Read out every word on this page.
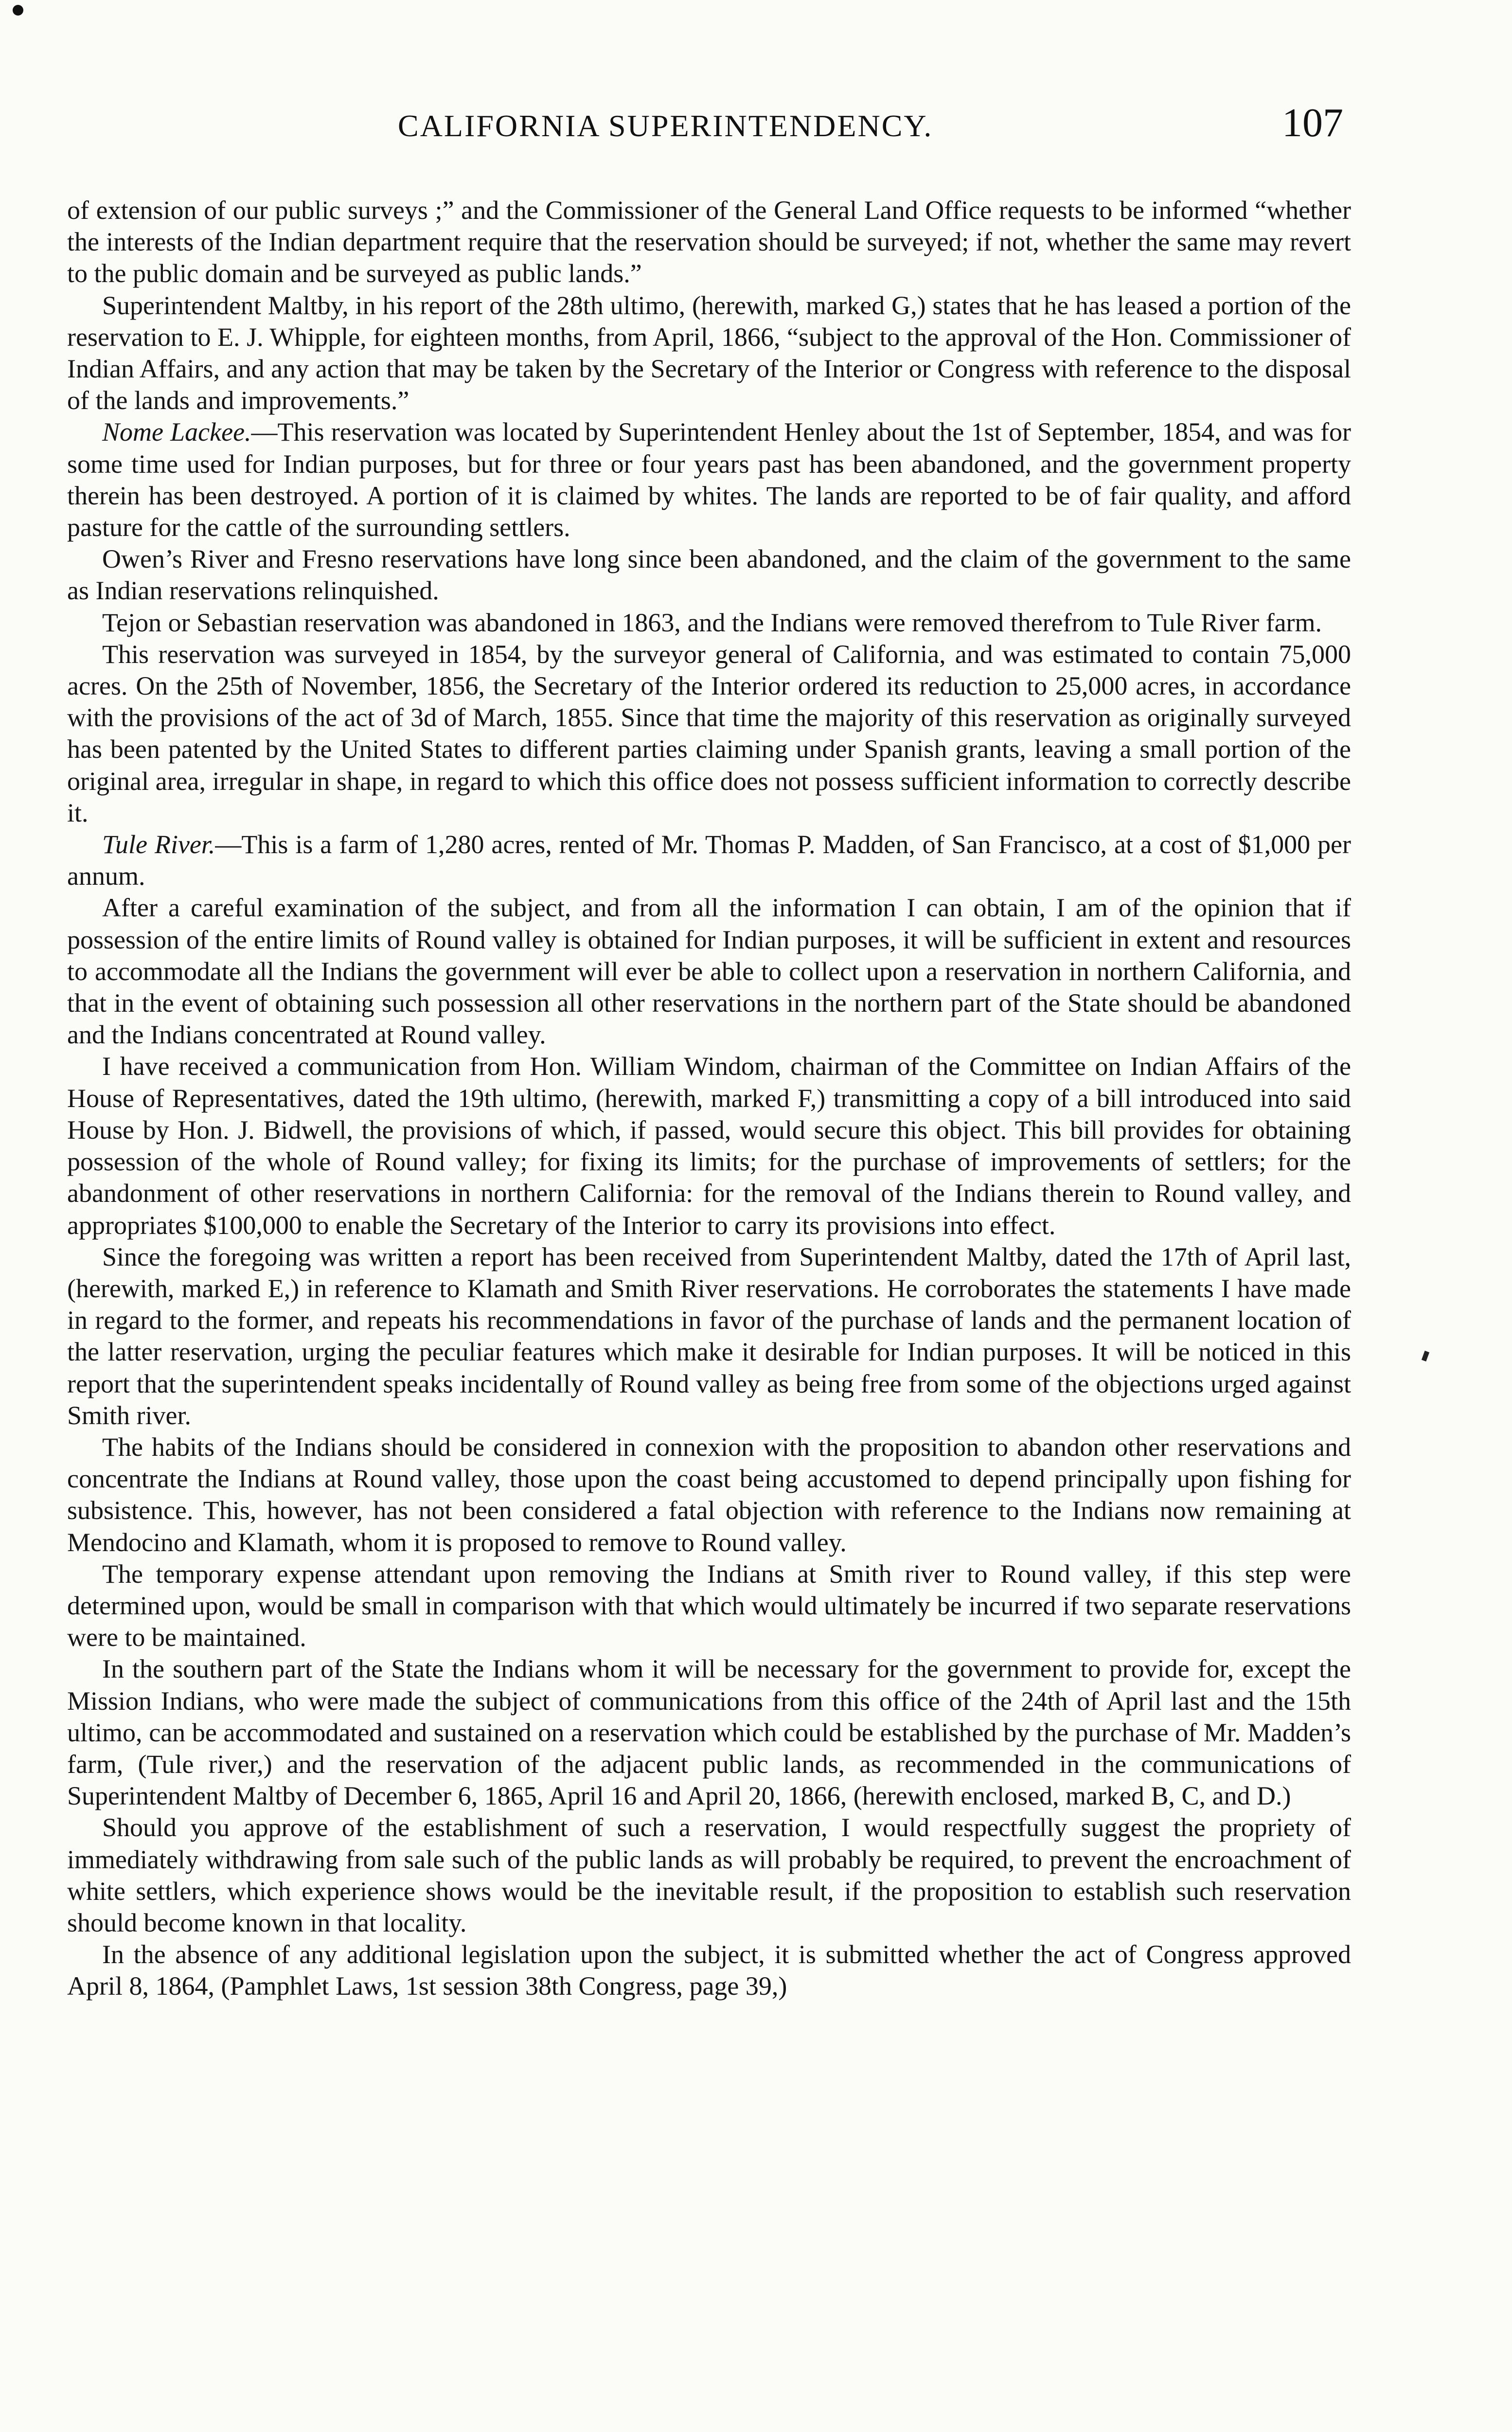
CALIFORNIA SUPERINTENDENCY.	107

of extension of our public surveys ;” and the Commissioner of the General Land Office requests to be informed “whether the interests of the Indian department require that the reservation should be surveyed; if not, whether the same may revert to the public domain and be surveyed as public lands.”

Superintendent Maltby, in his report of the 28th ultimo, (herewith, marked G,) states that he has leased a portion of the reservation to E. J. Whipple, for eighteen months, from April, 1866, “subject to the approval of the Hon. Commissioner of Indian Affairs, and any action that may be taken by the Secretary of the Interior or Congress with reference to the disposal of the lands and improvements.”

Nome Lackee.—This reservation was located by Superintendent Henley about the 1st of September, 1854, and was for some time used for Indian purposes, but for three or four years past has been abandoned, and the government property therein has been destroyed. A portion of it is claimed by whites. The lands are reported to be of fair quality, and afford pasture for the cattle of the surrounding settlers.

Owen’s River and Fresno reservations have long since been abandoned, and the claim of the government to the same as Indian reservations relinquished.

Tejon or Sebastian reservation was abandoned in 1863, and the Indians were removed therefrom to Tule River farm.

This reservation was surveyed in 1854, by the surveyor general of California, and was estimated to contain 75,000 acres. On the 25th of November, 1856, the Secretary of the Interior ordered its reduction to 25,000 acres, in accordance with the provisions of the act of 3d of March, 1855. Since that time the majority of this reservation as originally surveyed has been patented by the United States to different parties claiming under Spanish grants, leaving a small portion of the original area, irregular in shape, in regard to which this office does not possess sufficient information to correctly describe it.

Tule River.—This is a farm of 1,280 acres, rented of Mr. Thomas P. Madden, of San Francisco, at a cost of $1,000 per annum.

After a careful examination of the subject, and from all the information I can obtain, I am of the opinion that if possession of the entire limits of Round valley is obtained for Indian purposes, it will be sufficient in extent and resources to accommodate all the Indians the government will ever be able to collect upon a reservation in northern California, and that in the event of obtaining such possession all other reservations in the northern part of the State should be abandoned and the Indians concentrated at Round valley.

I have received a communication from Hon. William Windom, chairman of the Committee on Indian Affairs of the House of Representatives, dated the 19th ultimo, (herewith, marked F,) transmitting a copy of a bill introduced into said House by Hon. J. Bidwell, the provisions of which, if passed, would secure this object. This bill provides for obtaining possession of the whole of Round valley; for fixing its limits; for the purchase of improvements of settlers; for the abandonment of other reservations in northern California: for the removal of the Indians therein to Round valley, and appropriates $100,000 to enable the Secretary of the Interior to carry its provisions into effect.

Since the foregoing was written a report has been received from Superintendent Maltby, dated the 17th of April last, (herewith, marked E,) in reference to Klamath and Smith River reservations. He corroborates the statements I have made in regard to the former, and repeats his recommendations in favor of the purchase of lands and the permanent location of the latter reservation, urging the peculiar features which make it desirable for Indian purposes. It will be noticed in this report that the superintendent speaks incidentally of Round valley as being free from some of the objections urged against Smith river.

The habits of the Indians should be considered in connexion with the proposition to abandon other reservations and concentrate the Indians at Round valley, those upon the coast being accustomed to depend principally upon fishing for subsistence. This, however, has not been considered a fatal objection with reference to the Indians now remaining at Mendocino and Klamath, whom it is proposed to remove to Round valley.

The temporary expense attendant upon removing the Indians at Smith river to Round valley, if this step were determined upon, would be small in comparison with that which would ultimately be incurred if two separate reservations were to be maintained.

In the southern part of the State the Indians whom it will be necessary for the government to provide for, except the Mission Indians, who were made the subject of communications from this office of the 24th of April last and the 15th ultimo, can be accommodated and sustained on a reservation which could be established by the purchase of Mr. Madden’s farm, (Tule river,) and the reservation of the adjacent public lands, as recommended in the communications of Superintendent Maltby of December 6, 1865, April 16 and April 20, 1866, (herewith enclosed, marked B, C, and D.)

Should you approve of the establishment of such a reservation, I would respectfully suggest the propriety of immediately withdrawing from sale such of the public lands as will probably be required, to prevent the encroachment of white settlers, which experience shows would be the inevitable result, if the proposition to establish such reservation should become known in that locality.

In the absence of any additional legislation upon the subject, it is submitted whether the act of Congress approved April 8, 1864, (Pamphlet Laws, 1st session 38th Congress, page 39,)
